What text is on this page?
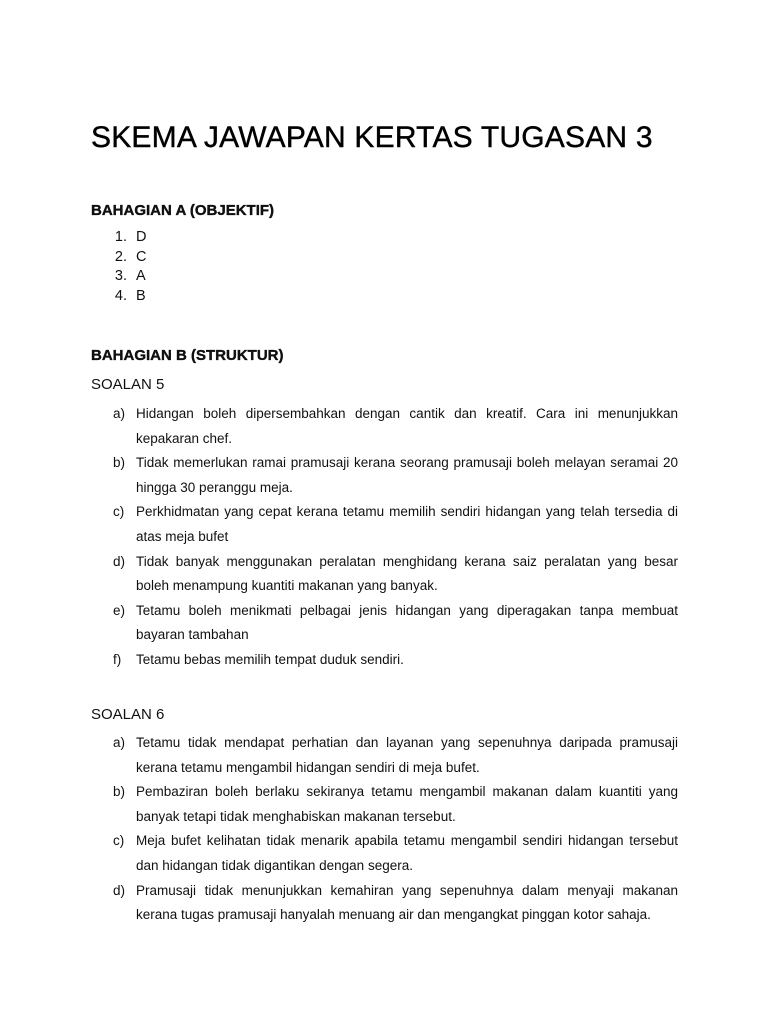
SKEMA JAWAPAN KERTAS TUGASAN 3
BAHAGIAN A (OBJEKTIF)
1. D
2. C
3. A
4. B
BAHAGIAN B (STRUKTUR)
SOALAN 5
a) Hidangan boleh dipersembahkan dengan cantik dan kreatif. Cara ini menunjukkan kepakaran chef.
b) Tidak memerlukan ramai pramusaji kerana seorang pramusaji boleh melayan seramai 20 hingga 30 peranggu meja.
c) Perkhidmatan yang cepat kerana tetamu memilih sendiri hidangan yang telah tersedia di atas meja bufet
d) Tidak banyak menggunakan peralatan menghidang kerana saiz peralatan yang besar boleh menampung kuantiti makanan yang banyak.
e) Tetamu boleh menikmati pelbagai jenis hidangan yang diperagakan tanpa membuat bayaran tambahan
f)	Tetamu bebas memilih tempat duduk sendiri.
SOALAN 6
a) Tetamu tidak mendapat perhatian dan layanan yang sepenuhnya daripada pramusaji kerana tetamu mengambil hidangan sendiri di meja bufet.
b) Pembaziran boleh berlaku sekiranya tetamu mengambil makanan dalam kuantiti yang banyak tetapi tidak menghabiskan makanan tersebut.
c) Meja bufet kelihatan tidak menarik apabila tetamu mengambil sendiri hidangan tersebut dan hidangan tidak digantikan dengan segera.
d) Pramusaji tidak menunjukkan kemahiran yang sepenuhnya dalam menyaji makanan kerana tugas pramusaji hanyalah menuang air dan mengangkat pinggan kotor sahaja.
